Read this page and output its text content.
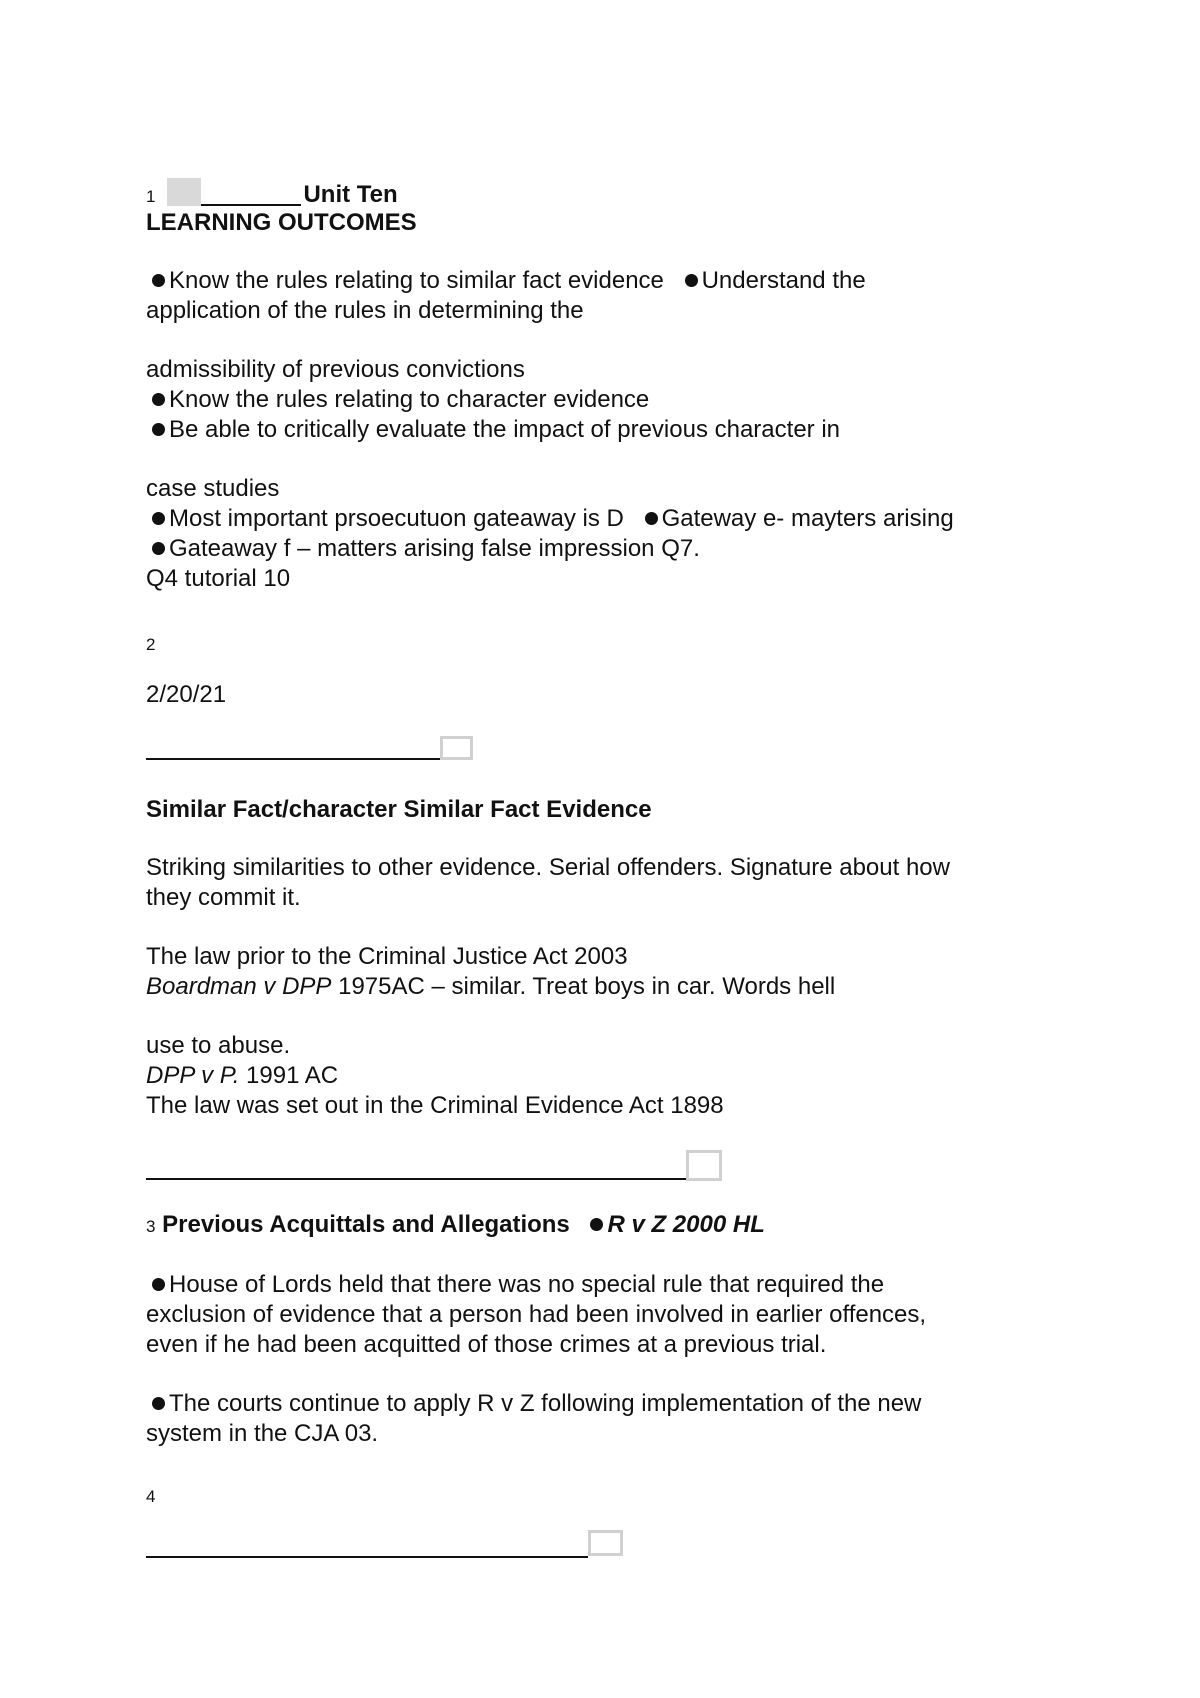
1	Unit Ten
LEARNING OUTCOMES
Know the rules relating to similar fact evidence Understand the
application of the rules in determining the
admissibility of previous convictions
Know the rules relating to character evidence
Be able to critically evaluate the impact of previous character in
case studies
Most important prsoecutuon gateaway is D Gateway e- mayters arising
Gateaway f – matters arising false impression Q7.
Q4 tutorial 10
2
2/20/21
Similar Fact/character Similar Fact Evidence
Striking similarities to other evidence. Serial offenders. Signature about how
they commit it.
The law prior to the Criminal Justice Act 2003
Boardman v DPP 1975AC – similar. Treat boys in car. Words hell
use to abuse.
DPP v P. 1991 AC
The law was set out in the Criminal Evidence Act 1898
3 Previous Acquittals and Allegations R v Z 2000 HL
House of Lords held that there was no special rule that required the
exclusion of evidence that a person had been involved in earlier offences,
even if he had been acquitted of those crimes at a previous trial.
The courts continue to apply R v Z following implementation of the new
system in the CJA 03.
4
